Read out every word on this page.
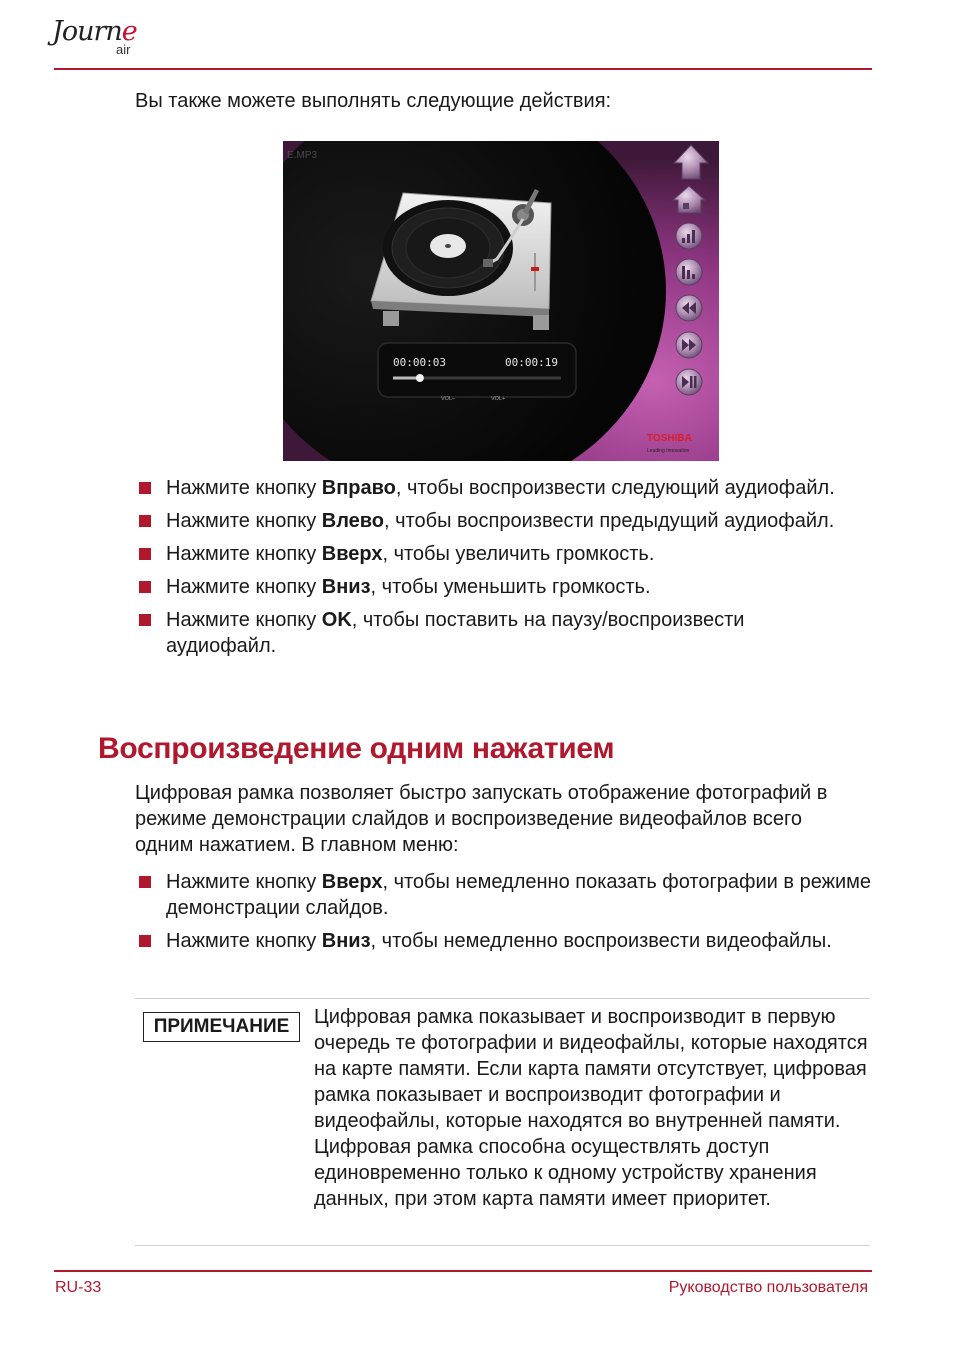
Journe
air
Вы также можете выполнять следующие действия:
E.MP3
00:00:03	00:00:19
VOL–	VOL+
TOSHIBA
Leading Innovation
Нажмите кнопку Вправо, чтобы воспроизвести следующий аудиофайл.
Нажмите кнопку Влево, чтобы воспроизвести предыдущий аудиофайл.
Нажмите кнопку Вверх, чтобы увеличить громкость.
Нажмите кнопку Вниз, чтобы уменьшить громкость.
Нажмите кнопку OK, чтобы поставить на паузу/воспроизвести аудиофайл.
Воспроизведение одним нажатием
Цифровая рамка позволяет быстро запускать отображение фотографий в режиме демонстрации слайдов и воспроизведение видеофайлов всего одним нажатием. В главном меню:
Нажмите кнопку Вверх, чтобы немедленно показать фотографии в режиме демонстрации слайдов.
Нажмите кнопку Вниз, чтобы немедленно воспроизвести видеофайлы.
ПРИМЕЧАНИЕ	Цифровая рамка показывает и воспроизводит в первую очередь те фотографии и видеофайлы, которые находятся на карте памяти. Если карта памяти отсутствует, цифровая рамка показывает и воспроизводит фотографии и видеофайлы, которые находятся во внутренней памяти. Цифровая рамка способна осуществлять доступ единовременно только к одному устройству хранения данных, при этом карта памяти имеет приоритет.
RU-33	Руководство пользователя
